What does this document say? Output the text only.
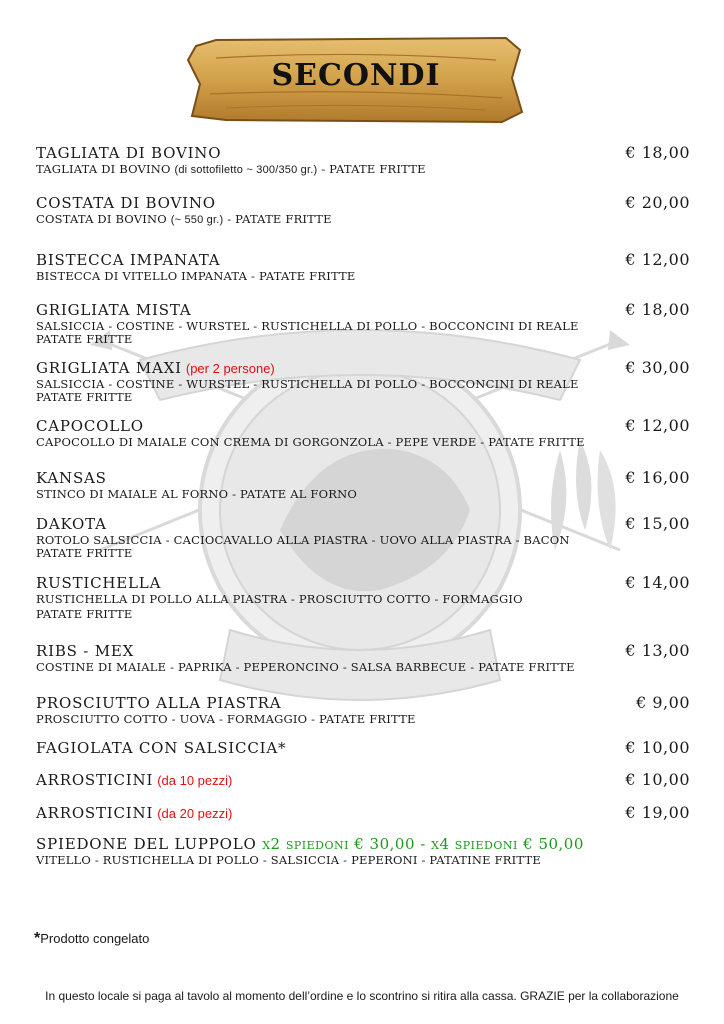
SECONDI
TAGLIATA DI BOVINO	€ 18,00
TAGLIATA DI BOVINO (di sottofiletto ~ 300/350 gr.) - PATATE FRITTE
COSTATA DI BOVINO	€ 20,00
COSTATA DI BOVINO (~ 550 gr.) - PATATE FRITTE
BISTECCA IMPANATA	€ 12,00
BISTECCA DI VITELLO IMPANATA - PATATE FRITTE
GRIGLIATA MISTA	€ 18,00
SALSICCIA - COSTINE - WURSTEL - RUSTICHELLA DI POLLO - BOCCONCINI DI REALE
PATATE FRITTE
GRIGLIATA MAXI (per 2 persone)	€ 30,00
SALSICCIA - COSTINE - WURSTEL - RUSTICHELLA DI POLLO - BOCCONCINI DI REALE
PATATE FRITTE
CAPOCOLLO	€ 12,00
CAPOCOLLO DI MAIALE CON CREMA DI GORGONZOLA - PEPE VERDE - PATATE FRITTE
KANSAS	€ 16,00
STINCO DI MAIALE AL FORNO - PATATE AL FORNO
DAKOTA	€ 15,00
ROTOLO SALSICCIA - CACIOCAVALLO ALLA PIASTRA - UOVO ALLA PIASTRA - BACON
PATATE FRITTE
RUSTICHELLA	€ 14,00
RUSTICHELLA DI POLLO ALLA PIASTRA - PROSCIUTTO COTTO - FORMAGGIO
PATATE FRITTE
RIBS - MEX	€ 13,00
COSTINE DI MAIALE - PAPRIKA - PEPERONCINO - SALSA BARBECUE - PATATE FRITTE
PROSCIUTTO ALLA PIASTRA	€ 9,00
PROSCIUTTO COTTO - UOVA - FORMAGGIO - PATATE FRITTE
FAGIOLATA CON SALSICCIA*	€ 10,00
ARROSTICINI (da 10 pezzi)	€ 10,00
ARROSTICINI (da 20 pezzi)	€ 19,00
SPIEDONE DEL LUPPOLO x2 spiedoni € 30,00 - x4 spiedoni € 50,00
VITELLO - RUSTICHELLA DI POLLO - SALSICCIA - PEPERONI - PATATINE FRITTE
*Prodotto congelato
In questo locale si paga al tavolo al momento dell’ordine e lo scontrino si ritira alla cassa. GRAZIE per la collaborazione
